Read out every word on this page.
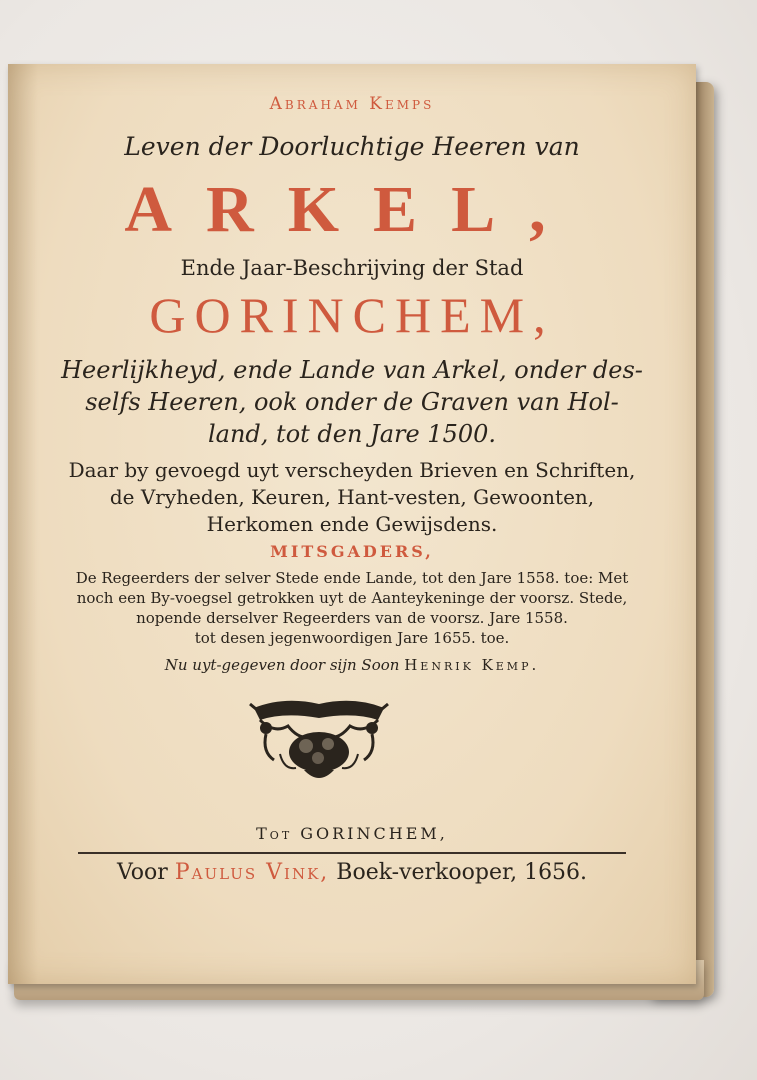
Abraham Kemps
Leven der Doorluchtige Heeren van
ARKEL,
Ende Jaar-Beschrijving der Stad
GORINCHEM,
Heerlijkheyd, ende Lande van Arkel, onder des-
selfs Heeren, ook onder de Graven van Hol-
land, tot den Jare 1500.
Daar by gevoegd uyt verscheyden Brieven en Schriften,
de Vryheden, Keuren, Hant-vesten, Gewoonten,
Herkomen ende Gewijsdens.
MITSGADERS,
De Regeerders der selver Stede ende Lande, tot den Jare 1558. toe: Met
noch een By-voegsel getrokken uyt de Aanteykeninge der voorsz. Stede,
nopende derselver Regeerders van de voorsz. Jare 1558.
tot desen jegenwoordigen Jare 1655. toe.
Nu uyt-gegeven door sijn Soon Henrik Kemp.
Tot GORINCHEM,
Voor Paulus Vink, Boek-verkooper, 1656.
